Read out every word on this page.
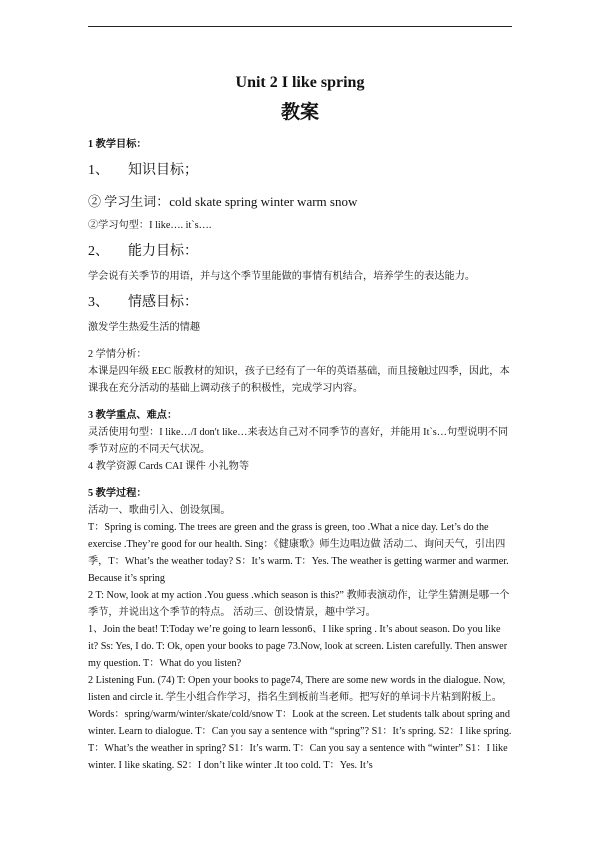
Unit 2 I like spring

教案

1 教学目标：

1、 知识目标；

② 学习生词：cold skate spring winter warm snow

②学习句型：I like…. it`s….

2、 能力目标：

学会说有关季节的用语，并与这个季节里能做的事情有机结合，培养学生的表达能力。

3、 情感目标：

激发学生热爱生活的情趣

2 学情分析：

本课是四年级 EEC 版教材的知识，孩子已经有了一年的英语基础，而且接触过四季，因此，本课我在充分活动的基础上调动孩子的积极性，完成学习内容。

3 教学重点、难点：

灵活使用句型：I like…/I don't like…来表达自己对不同季节的喜好，并能用 It`s…句型说明不同季节对应的不同天气状况。

4 教学资源 Cards CAI 课件 小礼物等

5 教学过程：

活动一、歌曲引入、创设氛围。

T：Spring is coming. The trees are green and the grass is green, too .What a nice day. Let’s do the exercise .They’re good for our health. Sing：《健康歌》师生边唱边做 活动二、询问天气，引出四季，T：What’s the weather today? S：It’s warm. T：Yes. The weather is getting warmer and warmer. Because it’s spring

2 T: Now, look at my action .You guess .which season is this?” 教师表演动作，让学生猜测是哪一个季节，并说出这个季节的特点。 活动三、创设情景，趣中学习。

1、Join the beat! T:Today we’re going to learn lesson6、I like spring . It’s about season. Do you like it? Ss: Yes, I do. T: Ok, open your books to page 73.Now, look at screen. Listen carefully. Then answer my question. T：What do you listen?

2 Listening Fun. (74) T: Open your books to page74, There are some new words in the dialogue. Now, listen and circle it. 学生小组合作学习，指名生到板前当老师。把写好的单词卡片粘到附板上。

Words：spring/warm/winter/skate/cold/snow T：Look at the screen. Let students talk about spring and winter. Learn to dialogue. T：Can you say a sentence with “spring”? S1：It’s spring. S2：I like spring. T：What’s the weather in spring? S1：It’s warm. T：Can you say a sentence with “winter” S1：I like winter. I like skating. S2：I don’t like winter .It too cold. T：Yes. It’s
